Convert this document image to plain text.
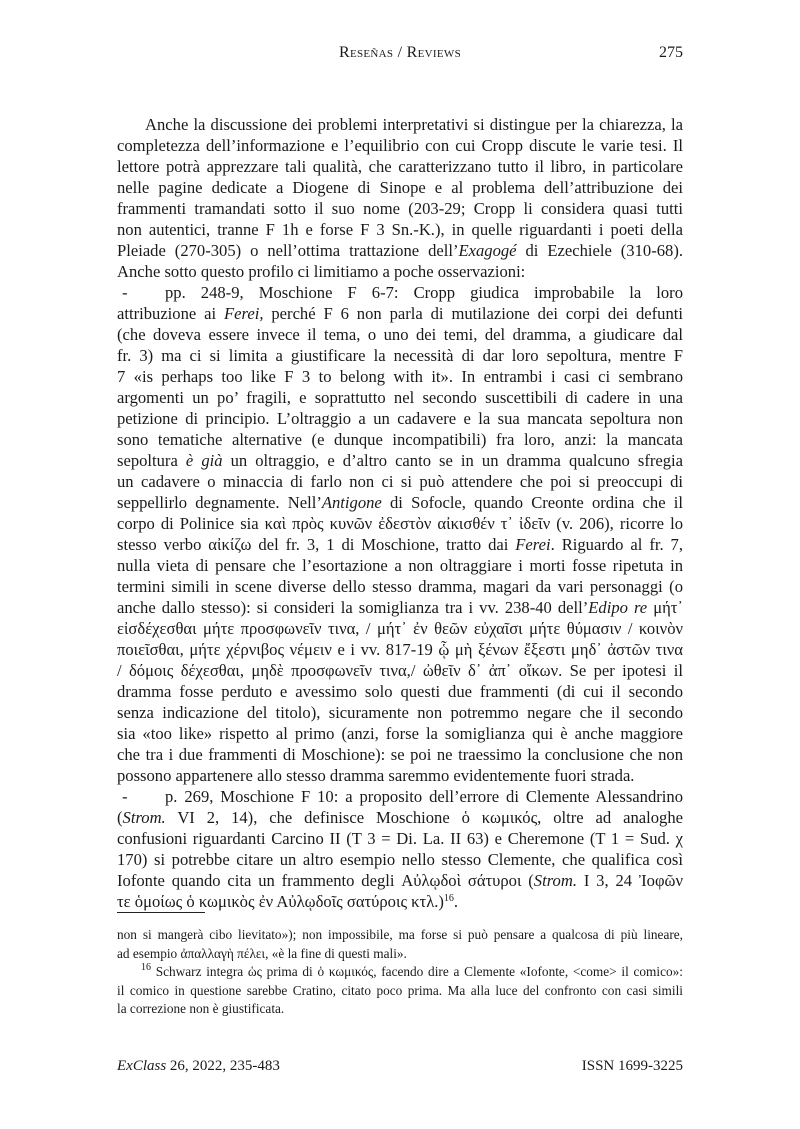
Reseñas / Reviews	275
Anche la discussione dei problemi interpretativi si distingue per la chiarezza, la
completezza dell’informazione e l’equilibrio con cui Cropp discute le varie tesi. Il
lettore potrà apprezzare tali qualità, che caratterizzano tutto il libro, in particolare
nelle pagine dedicate a Diogene di Sinope e al problema dell’attribuzione dei
frammenti tramandati sotto il suo nome (203-29; Cropp li considera quasi tutti
non autentici, tranne F 1h e forse F 3 Sn.-K.), in quelle riguardanti i poeti della
Pleiade (270-305) o nell’ottima trattazione dell’Exagogé di Ezechiele (310-68).
Anche sotto questo profilo ci limitiamo a poche osservazioni:
-	pp. 248-9, Moschione F 6-7: Cropp giudica improbabile la loro
attribuzione ai Ferei, perché F 6 non parla di mutilazione dei corpi dei defunti
(che doveva essere invece il tema, o uno dei temi, del dramma, a giudicare dal
fr. 3) ma ci si limita a giustificare la necessità di dar loro sepoltura, mentre F
7 «is perhaps too like F 3 to belong with it». In entrambi i casi ci sembrano
argomenti un po’ fragili, e soprattutto nel secondo suscettibili di cadere in una
petizione di principio. L’oltraggio a un cadavere e la sua mancata sepoltura non
sono tematiche alternative (e dunque incompatibili) fra loro, anzi: la mancata
sepoltura è già un oltraggio, e d’altro canto se in un dramma qualcuno sfregia
un cadavere o minaccia di farlo non ci si può attendere che poi si preoccupi di
seppellirlo degnamente. Nell’Antigone di Sofocle, quando Creonte ordina che il
corpo di Polinice sia καὶ πρὸς κυνῶν ἐδεστὸν αἰκισθέν τ᾽ ἰδεῖν (v. 206), ricorre lo
stesso verbo αἰκίζω del fr. 3, 1 di Moschione, tratto dai Ferei. Riguardo al fr. 7,
nulla vieta di pensare che l’esortazione a non oltraggiare i morti fosse ripetuta in
termini simili in scene diverse dello stesso dramma, magari da vari personaggi (o
anche dallo stesso): si consideri la somiglianza tra i vv. 238-40 dell’Edipo re μήτ᾽
εἰσδέχεσθαι μήτε προσφωνεῖν τινα, / μήτ᾽ ἐν θεῶν εὐχαῖσι μήτε θύμασιν / κοινὸν
ποιεῖσθαι, μήτε χέρνιβος νέμειν e i vv. 817-19 ᾧ μὴ ξένων ἔξεστι μηδ᾽ ἀστῶν τινα
/ δόμοις δέχεσθαι, μηδὲ προσφωνεῖν τινα,/ ὠθεῖν δ᾽ ἀπ᾽ οἴκων. Se per ipotesi il
dramma fosse perduto e avessimo solo questi due frammenti (di cui il secondo
senza indicazione del titolo), sicuramente non potremmo negare che il secondo
sia «too like» rispetto al primo (anzi, forse la somiglianza qui è anche maggiore
che tra i due frammenti di Moschione): se poi ne traessimo la conclusione che non
possono appartenere allo stesso dramma saremmo evidentemente fuori strada.
-	p. 269, Moschione F 10: a proposito dell’errore di Clemente Alessandrino
(Strom. VI 2, 14), che definisce Moschione ὁ κωμικός, oltre ad analoghe
confusioni riguardanti Carcino II (T 3 = Di. La. II 63) e Cheremone (T 1 = Sud. χ
170) si potrebbe citare un altro esempio nello stesso Clemente, che qualifica così
Iofonte quando cita un frammento degli Αὐλῳδοὶ σάτυροι (Strom. I 3, 24 Ἰοφῶν
τε ὁμοίως ὁ κωμικὸς ἐν Αὐλῳδοῖς σατύροις κτλ.)$^{16}$.
non si mangerà cibo lievitato»); non impossibile, ma forse si può pensare a qualcosa di più lineare,
ad esempio ἀπαλλαγὴ πέλει, «è la fine di questi mali».
$^{16}$ Schwarz integra ὡς prima di ὁ κωμικός, facendo dire a Clemente «Iofonte, <come> il comico»:
il comico in questione sarebbe Cratino, citato poco prima. Ma alla luce del confronto con casi simili
la correzione non è giustificata.
ExClass 26, 2022, 235-483	ISSN 1699-3225
